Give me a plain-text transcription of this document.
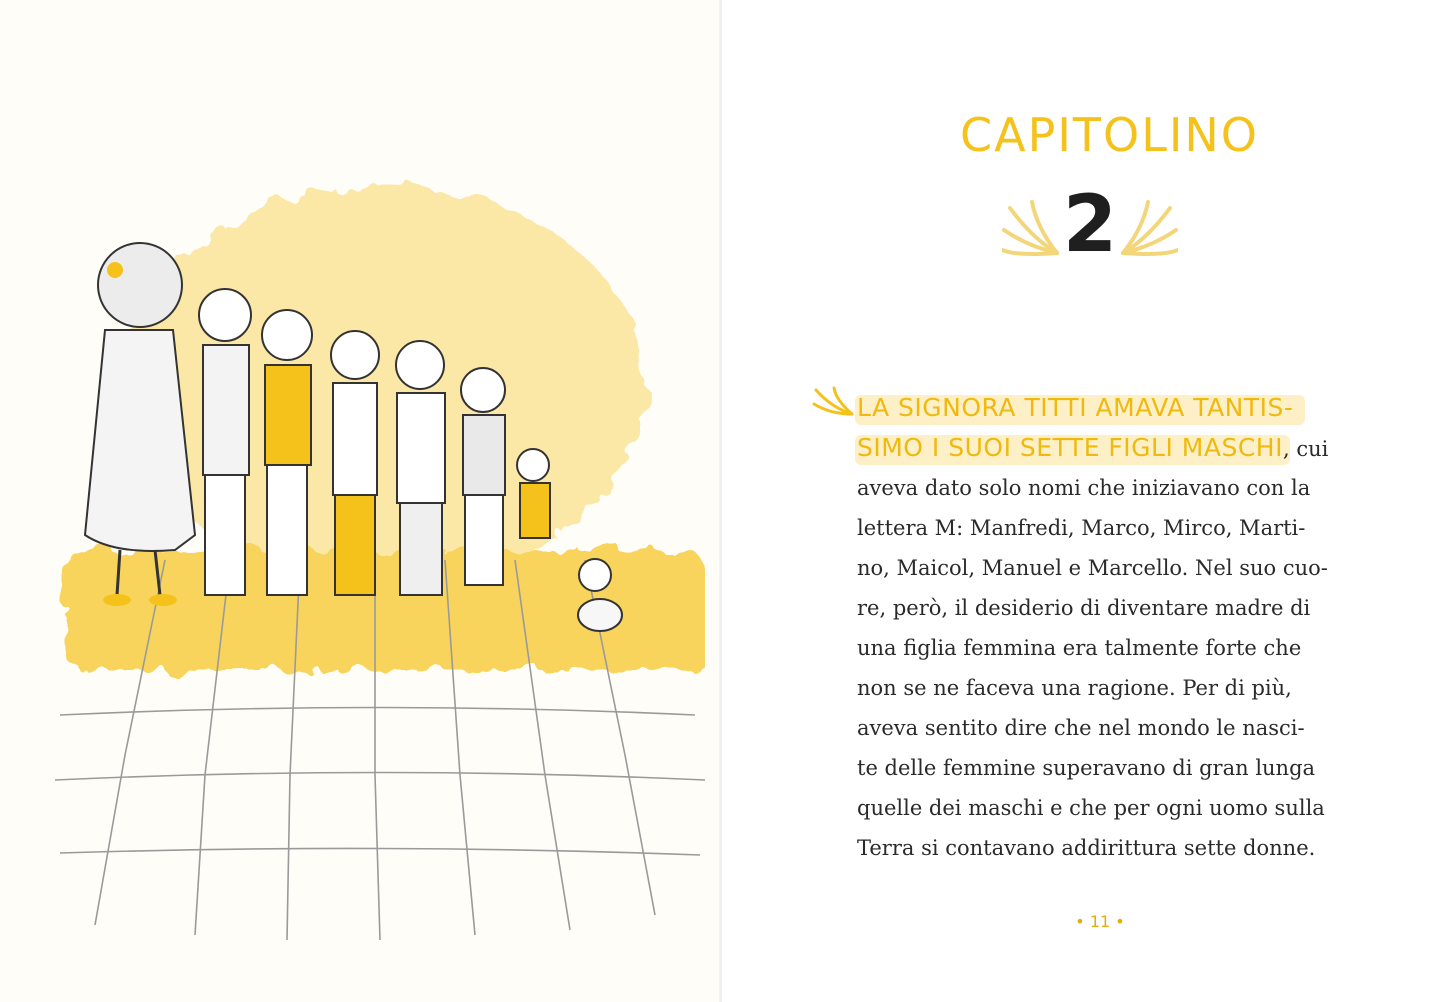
CAPITOLINO
2
LA SIGNORA TITTI AMAVA TANTIS-
SIMO I SUOI SETTE FIGLI MASCHI, cui
aveva dato solo nomi che iniziavano con la
lettera M: Manfredi, Marco, Mirco, Marti-
no, Maicol, Manuel e Marcello. Nel suo cuo-
re, però, il desiderio di diventare madre di
una figlia femmina era talmente forte che
non se ne faceva una ragione. Per di più,
aveva sentito dire che nel mondo le nasci-
te delle femmine superavano di gran lunga
quelle dei maschi e che per ogni uomo sulla
Terra si contavano addirittura sette donne.
• 11 •
